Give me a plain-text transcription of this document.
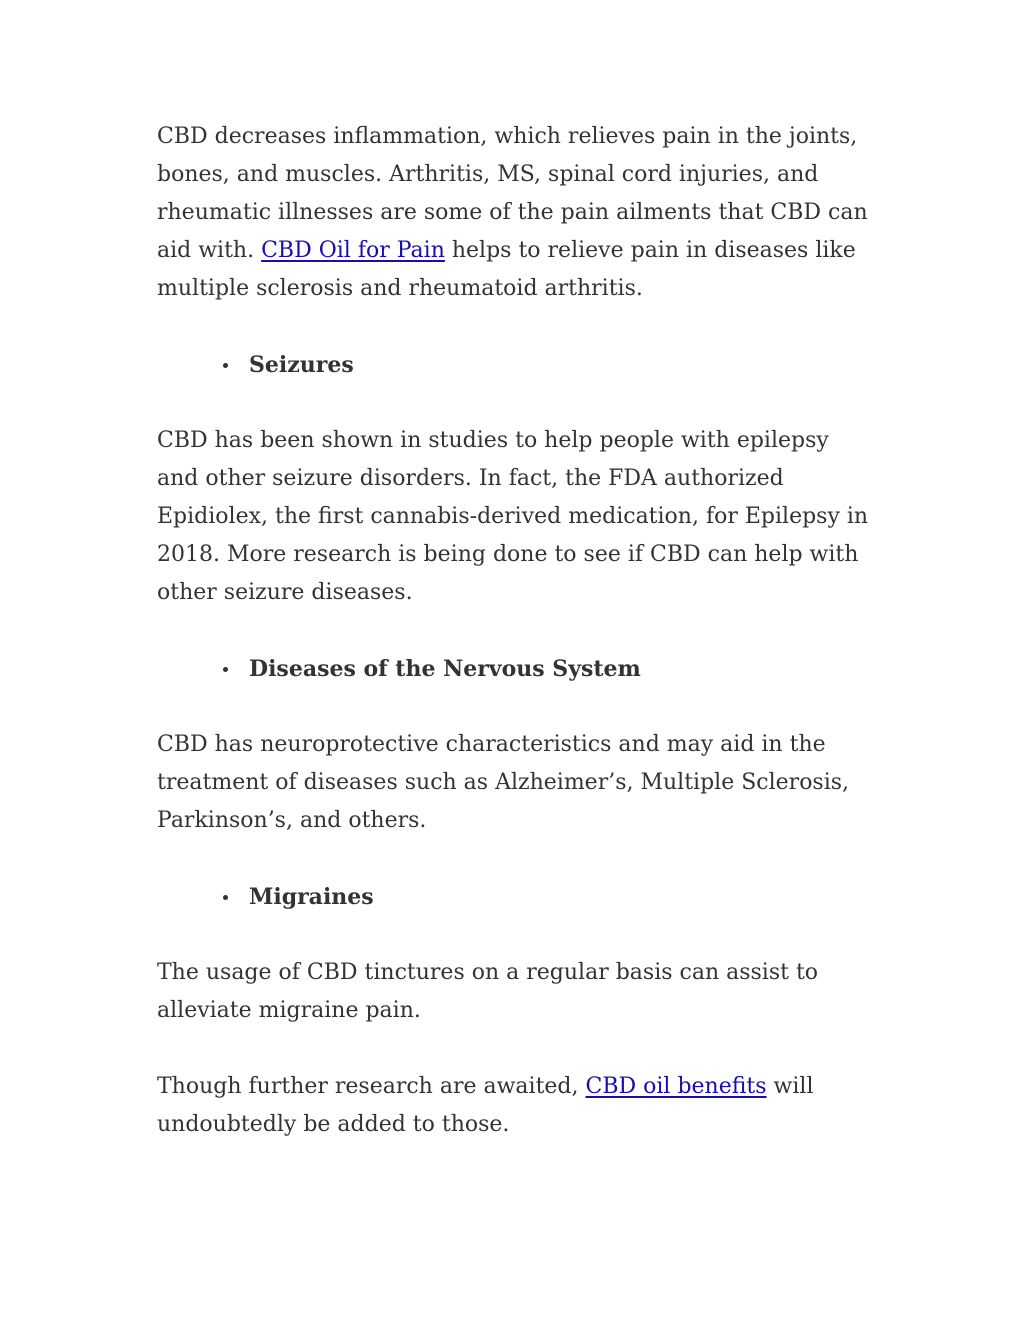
CBD decreases inflammation, which relieves pain in the joints, bones, and muscles. Arthritis, MS, spinal cord injuries, and rheumatic illnesses are some of the pain ailments that CBD can aid with. CBD Oil for Pain helps to relieve pain in diseases like multiple sclerosis and rheumatoid arthritis.

Seizures

CBD has been shown in studies to help people with epilepsy and other seizure disorders. In fact, the FDA authorized Epidiolex, the first cannabis-derived medication, for Epilepsy in 2018. More research is being done to see if CBD can help with other seizure diseases.

Diseases of the Nervous System

CBD has neuroprotective characteristics and may aid in the treatment of diseases such as Alzheimer’s, Multiple Sclerosis, Parkinson’s, and others.

Migraines

The usage of CBD tinctures on a regular basis can assist to alleviate migraine pain.

Though further research are awaited, CBD oil benefits will undoubtedly be added to those.
